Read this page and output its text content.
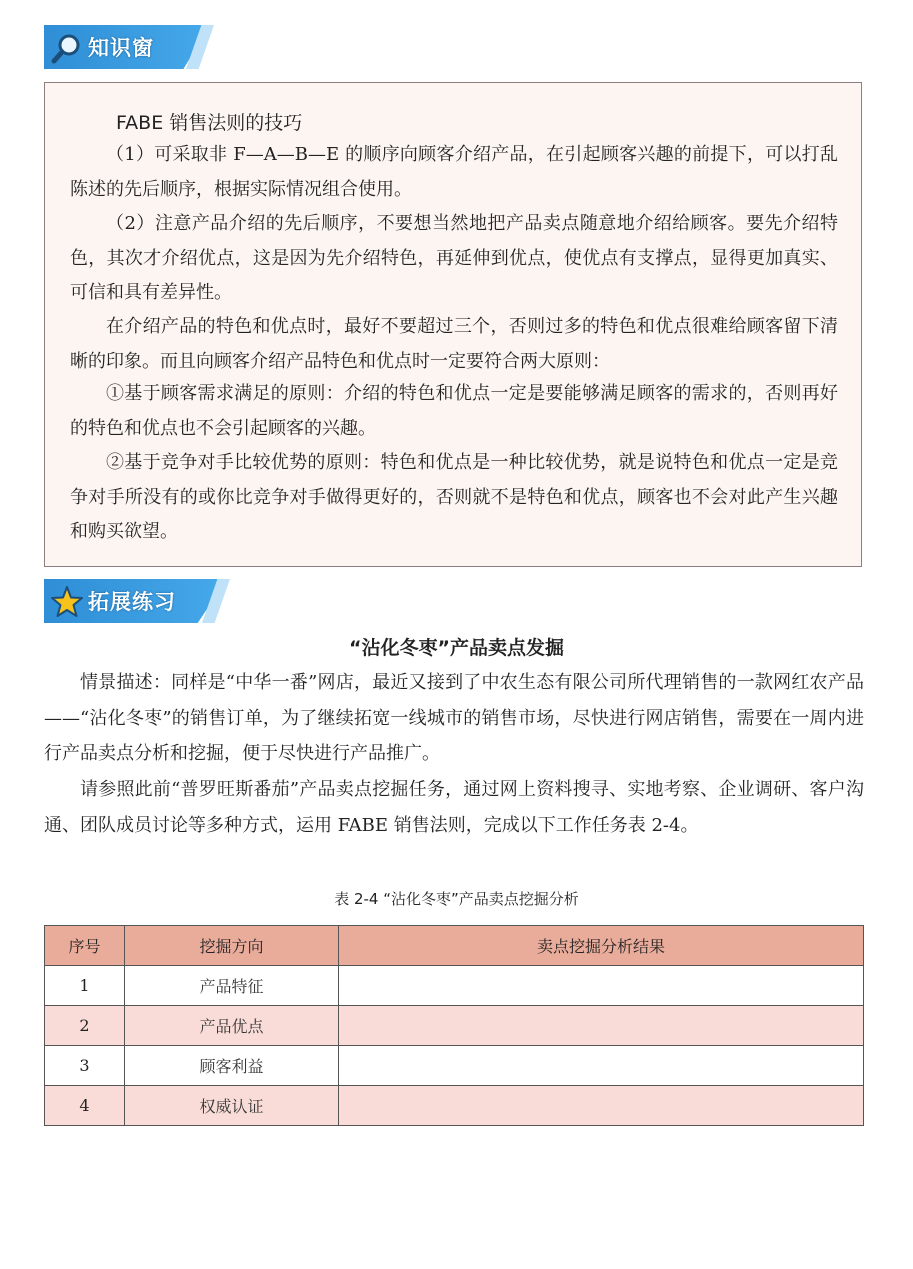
知识窗
FABE 销售法则的技巧

（1）可采取非 F—A—B—E 的顺序向顾客介绍产品，在引起顾客兴趣的前提下，可以打乱陈述的先后顺序，根据实际情况组合使用。

（2）注意产品介绍的先后顺序，不要想当然地把产品卖点随意地介绍给顾客。要先介绍特色，其次才介绍优点，这是因为先介绍特色，再延伸到优点，使优点有支撑点，显得更加真实、可信和具有差异性。

在介绍产品的特色和优点时，最好不要超过三个，否则过多的特色和优点很难给顾客留下清晰的印象。而且向顾客介绍产品特色和优点时一定要符合两大原则：

①基于顾客需求满足的原则：介绍的特色和优点一定是要能够满足顾客的需求的，否则再好的特色和优点也不会引起顾客的兴趣。

②基于竞争对手比较优势的原则：特色和优点是一种比较优势，就是说特色和优点一定是竞争对手所没有的或你比竞争对手做得更好的，否则就不是特色和优点，顾客也不会对此产生兴趣和购买欲望。

拓展练习
“沾化冬枣”产品卖点发掘

情景描述：同样是“中华一番”网店，最近又接到了中农生态有限公司所代理销售的一款网红农产品——“沾化冬枣”的销售订单，为了继续拓宽一线城市的销售市场，尽快进行网店销售，需要在一周内进行产品卖点分析和挖掘，便于尽快进行产品推广。

请参照此前“普罗旺斯番茄”产品卖点挖掘任务，通过网上资料搜寻、实地考察、企业调研、客户沟通、团队成员讨论等多种方式，运用 FABE 销售法则，完成以下工作任务表 2-4。

表 2-4 “沾化冬枣”产品卖点挖掘分析
序号	挖掘方向	卖点挖掘分析结果
1	产品特征	
2	产品优点	
3	顾客利益	
4	权威认证	
